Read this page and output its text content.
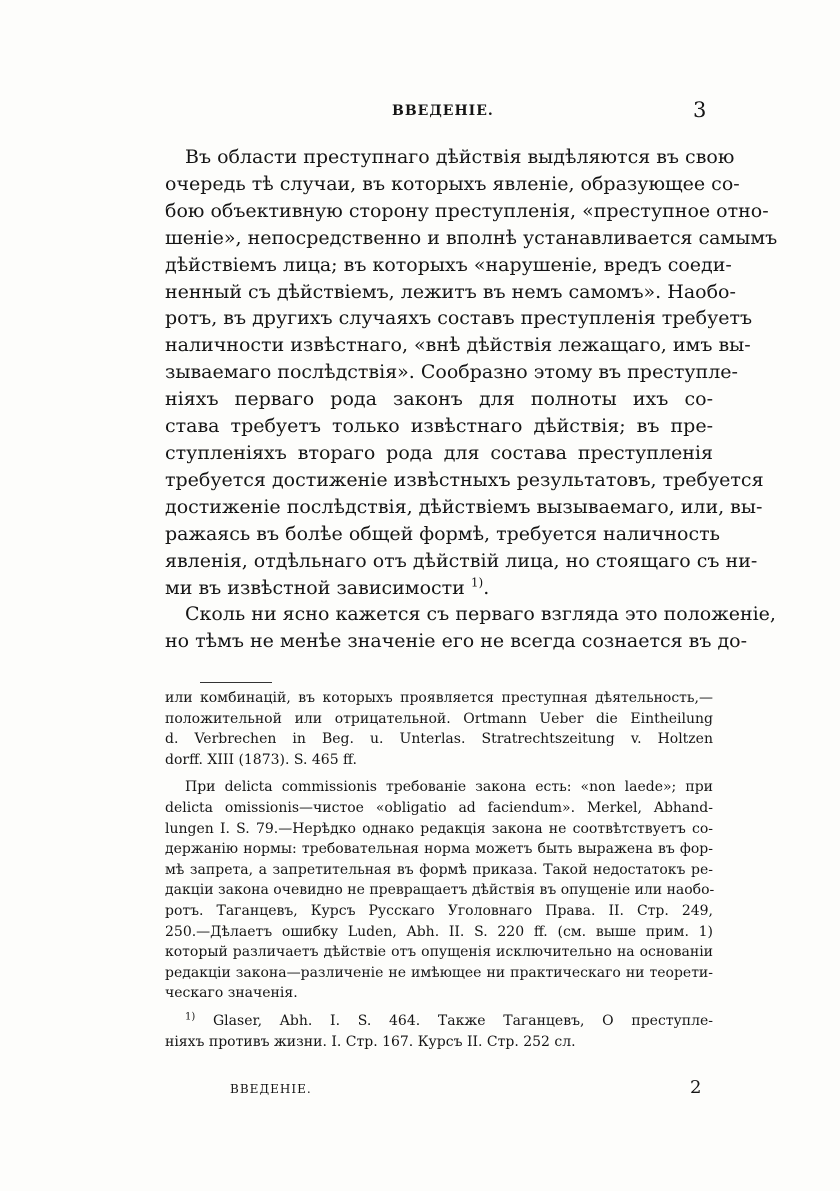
ВВЕДЕНІЕ.	3
Въ области преступнаго дѣйствія выдѣляются въ свою
очередь тѣ случаи, въ которыхъ явленіе, образующее со-
бою объективную сторону преступленія, «преступное отно-
шеніе», непосредственно и вполнѣ устанавливается самымъ
дѣйствіемъ лица; въ которыхъ «нарушеніе, вредъ соеди-
ненный съ дѣйствіемъ, лежитъ въ немъ самомъ». Наобо-
ротъ, въ другихъ случаяхъ составъ преступленія требуетъ
наличности извѣстнаго, «внѣ дѣйствія лежащаго, имъ вы-
зываемаго послѣдствія». Сообразно этому въ преступле-
ніяхъ перваго рода законъ для полноты ихъ со-
става требуетъ только извѣстнаго дѣйствія; въ пре-
ступленіяхъ втораго рода для состава преступленія
требуется достиженіе извѣстныхъ результатовъ, требуется
достиженіе послѣдствія, дѣйствіемъ вызываемаго, или, вы-
ражаясь въ болѣе общей формѣ, требуется наличность
явленія, отдѣльнаго отъ дѣйствій лица, но стоящаго съ ни-
ми въ извѣстной зависимости $^{1)}$.
Сколь ни ясно кажется съ перваго взгляда это положеніе,
но тѣмъ не менѣе значеніе его не всегда сознается въ до-
или комбинацій, въ которыхъ проявляется преступная дѣятельность,—
положительной или отрицательной. Ortmann Ueber die Eintheilung
d. Verbrechen in Beg. u. Unterlas. Stratrechtszeitung v. Holtzen
dorff. XIII (1873). S. 465 ff.
При delicta commissionis требованіе закона есть: «non laede»; при
delicta omissionis—чистое «obligatio ad faciendum». Merkel, Abhand-
lungen I. S. 79.—Нерѣдко однако редакція закона не соотвѣтствуетъ со-
держанію нормы: требовательная норма можетъ быть выражена въ фор-
мѣ запрета, а запретительная въ формѣ приказа. Такой недостатокъ ре-
дакціи закона очевидно не превращаетъ дѣйствія въ опущеніе или наобо-
ротъ. Таганцевъ, Курсъ Русскаго Уголовнаго Права. II. Стр. 249,
250.—Дѣлаетъ ошибку Luden, Abh. II. S. 220 ff. (см. выше прим. 1)
который различаетъ дѣйствіе отъ опущенія исключительно на основаніи
редакціи закона—различеніе не имѣющее ни практическаго ни теорети-
ческаго значенія.
$^{1)}$ Glaser, Abh. I. S. 464. Также Таганцевъ, О преступле-
ніяхъ противъ жизни. I. Стр. 167. Курсъ II. Стр. 252 сл.
ВВЕДЕНІЕ.	2
